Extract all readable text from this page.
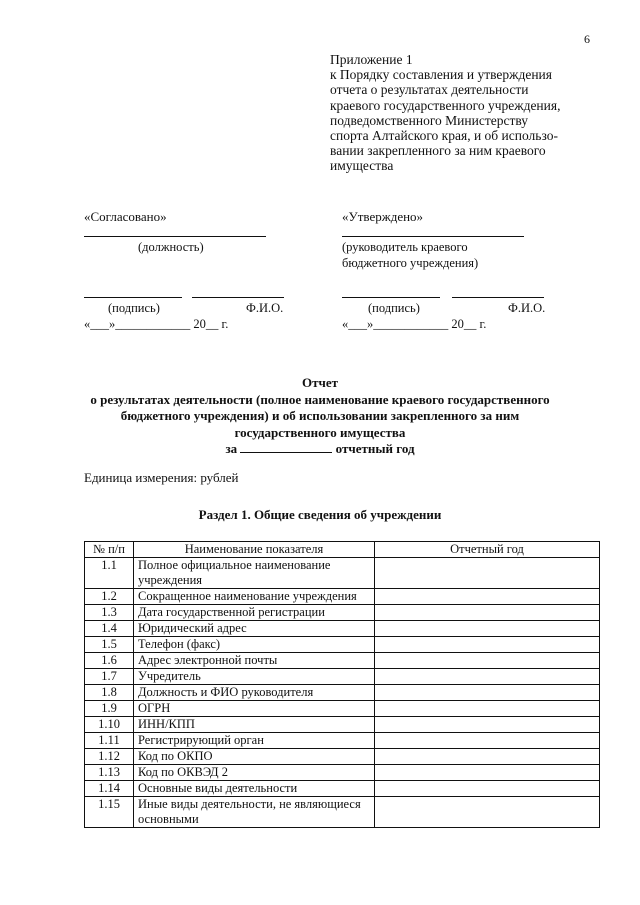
6
Приложение 1
к Порядку составления и утверждения
отчета о результатах деятельности
краевого государственного учреждения,
подведомственного Министерству
спорта Алтайского края, и об использо-
вании закрепленного за ним краевого
имущества
«Согласовано»
(должность)
(подпись)	Ф.И.О.
«___»____________ 20__ г.
«Утверждено»
(руководитель краевого
бюджетного учреждения)
(подпись)	Ф.И.О.
«___»____________ 20__ г.
Отчет
о результатах деятельности (полное наименование краевого государственного
бюджетного учреждения) и об использовании закрепленного за ним
государственного имущества
за	отчетный год
Единица измерения: рублей
Раздел 1. Общие сведения об учреждении
№ п/п	Наименование показателя	Отчетный год
1.1	Полное официальное наименование учреждения	
1.2	Сокращенное наименование учреждения	
1.3	Дата государственной регистрации	
1.4	Юридический адрес	
1.5	Телефон (факс)	
1.6	Адрес электронной почты	
1.7	Учредитель	
1.8	Должность и ФИО руководителя	
1.9	ОГРН	
1.10	ИНН/КПП	
1.11	Регистрирующий орган	
1.12	Код по ОКПО	
1.13	Код по ОКВЭД 2	
1.14	Основные виды деятельности	
1.15	Иные виды деятельности, не являющиеся основными	
